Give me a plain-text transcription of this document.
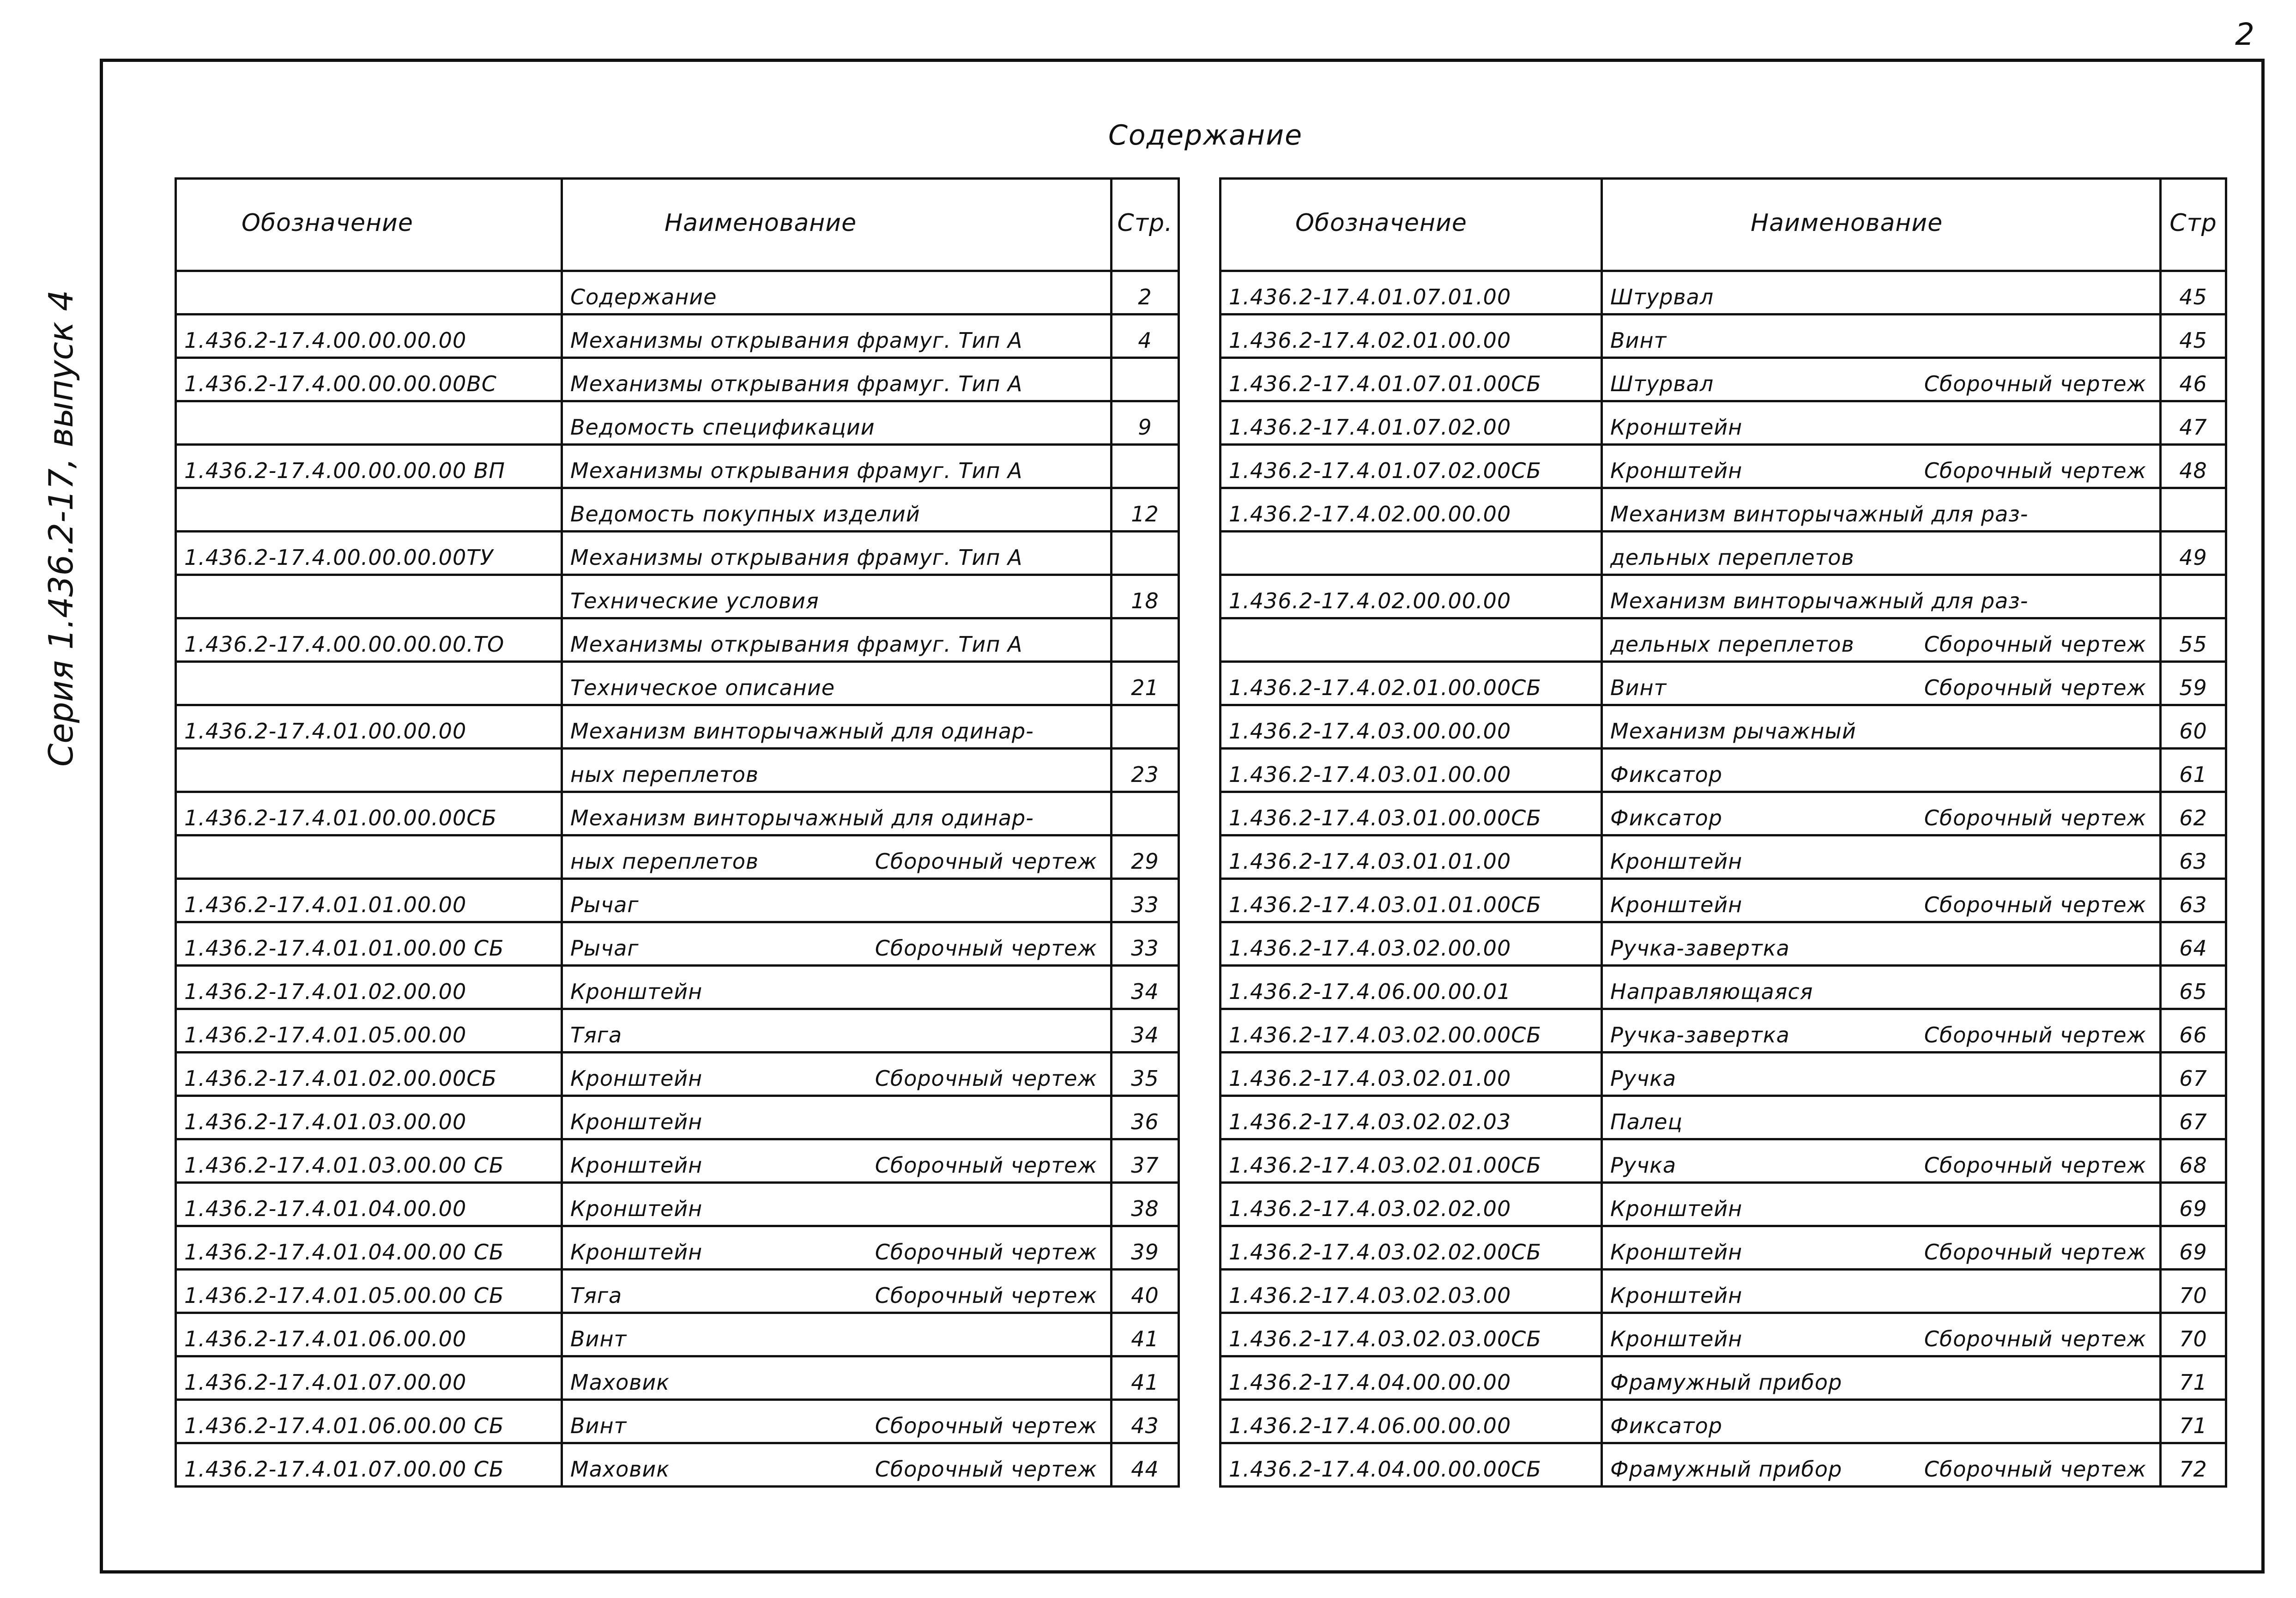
2
Серия 1.436.2-17, выпуск 4
Содержание
Обозначение	Наименование	Стр.

	Содержание	2
1.436.2-17.4.00.00.00.00	Механизмы открывания фрамуг. Тип А	4
1.436.2-17.4.00.00.00.00ВС	Механизмы открывания фрамуг. Тип А	

	Ведомость спецификации	9
1.436.2-17.4.00.00.00.00 ВП	Механизмы открывания фрамуг. Тип А	

	Ведомость покупных изделий	12
1.436.2-17.4.00.00.00.00ТУ	Механизмы открывания фрамуг. Тип А	

	Технические условия	18
1.436.2-17.4.00.00.00.00.ТО	Механизмы открывания фрамуг. Тип А	

	Техническое описание	21
1.436.2-17.4.01.00.00.00	Механизм винторычажный для одинар-	

	ных переплетов	23
1.436.2-17.4.01.00.00.00СБ	Механизм винторычажный для одинар-	

	ных переплетов Сборочный чертеж	29
1.436.2-17.4.01.01.00.00	Рычаг	33
1.436.2-17.4.01.01.00.00 СБ	Рычаг Сборочный чертеж	33
1.436.2-17.4.01.02.00.00	Кронштейн	34
1.436.2-17.4.01.05.00.00	Тяга	34
1.436.2-17.4.01.02.00.00СБ	Кронштейн Сборочный чертеж	35
1.436.2-17.4.01.03.00.00	Кронштейн	36
1.436.2-17.4.01.03.00.00 СБ	Кронштейн Сборочный чертеж	37
1.436.2-17.4.01.04.00.00	Кронштейн	38
1.436.2-17.4.01.04.00.00 СБ	Кронштейн Сборочный чертеж	39
1.436.2-17.4.01.05.00.00 СБ	Тяга Сборочный чертеж	40
1.436.2-17.4.01.06.00.00	Винт	41
1.436.2-17.4.01.07.00.00	Маховик	41
1.436.2-17.4.01.06.00.00 СБ	Винт Сборочный чертеж	43
1.436.2-17.4.01.07.00.00 СБ	Маховик Сборочный чертеж	44
Обозначение	Наименование	Стр
1.436.2-17.4.01.07.01.00	Штурвал	45
1.436.2-17.4.02.01.00.00	Винт	45
1.436.2-17.4.01.07.01.00СБ	Штурвал Сборочный чертеж	46
1.436.2-17.4.01.07.02.00	Кронштейн	47
1.436.2-17.4.01.07.02.00СБ	Кронштейн Сборочный чертеж	48
1.436.2-17.4.02.00.00.00	Механизм винторычажный для раз-	

	дельных переплетов	49
1.436.2-17.4.02.00.00.00	Механизм винторычажный для раз-	

	дельных переплетов Сборочный чертеж	55
1.436.2-17.4.02.01.00.00СБ	Винт Сборочный чертеж	59
1.436.2-17.4.03.00.00.00	Механизм рычажный	60
1.436.2-17.4.03.01.00.00	Фиксатор	61
1.436.2-17.4.03.01.00.00СБ	Фиксатор Сборочный чертеж	62
1.436.2-17.4.03.01.01.00	Кронштейн	63
1.436.2-17.4.03.01.01.00СБ	Кронштейн Сборочный чертеж	63
1.436.2-17.4.03.02.00.00	Ручка-завертка	64
1.436.2-17.4.06.00.00.01	Направляющаяся	65
1.436.2-17.4.03.02.00.00СБ	Ручка-завертка Сборочный чертеж	66
1.436.2-17.4.03.02.01.00	Ручка	67
1.436.2-17.4.03.02.02.03	Палец	67
1.436.2-17.4.03.02.01.00СБ	Ручка Сборочный чертеж	68
1.436.2-17.4.03.02.02.00	Кронштейн	69
1.436.2-17.4.03.02.02.00СБ	Кронштейн Сборочный чертеж	69
1.436.2-17.4.03.02.03.00	Кронштейн	70
1.436.2-17.4.03.02.03.00СБ	Кронштейн Сборочный чертеж	70
1.436.2-17.4.04.00.00.00	Фрамужный прибор	71
1.436.2-17.4.06.00.00.00	Фиксатор	71
1.436.2-17.4.04.00.00.00СБ	Фрамужный прибор Сборочный чертеж	72
